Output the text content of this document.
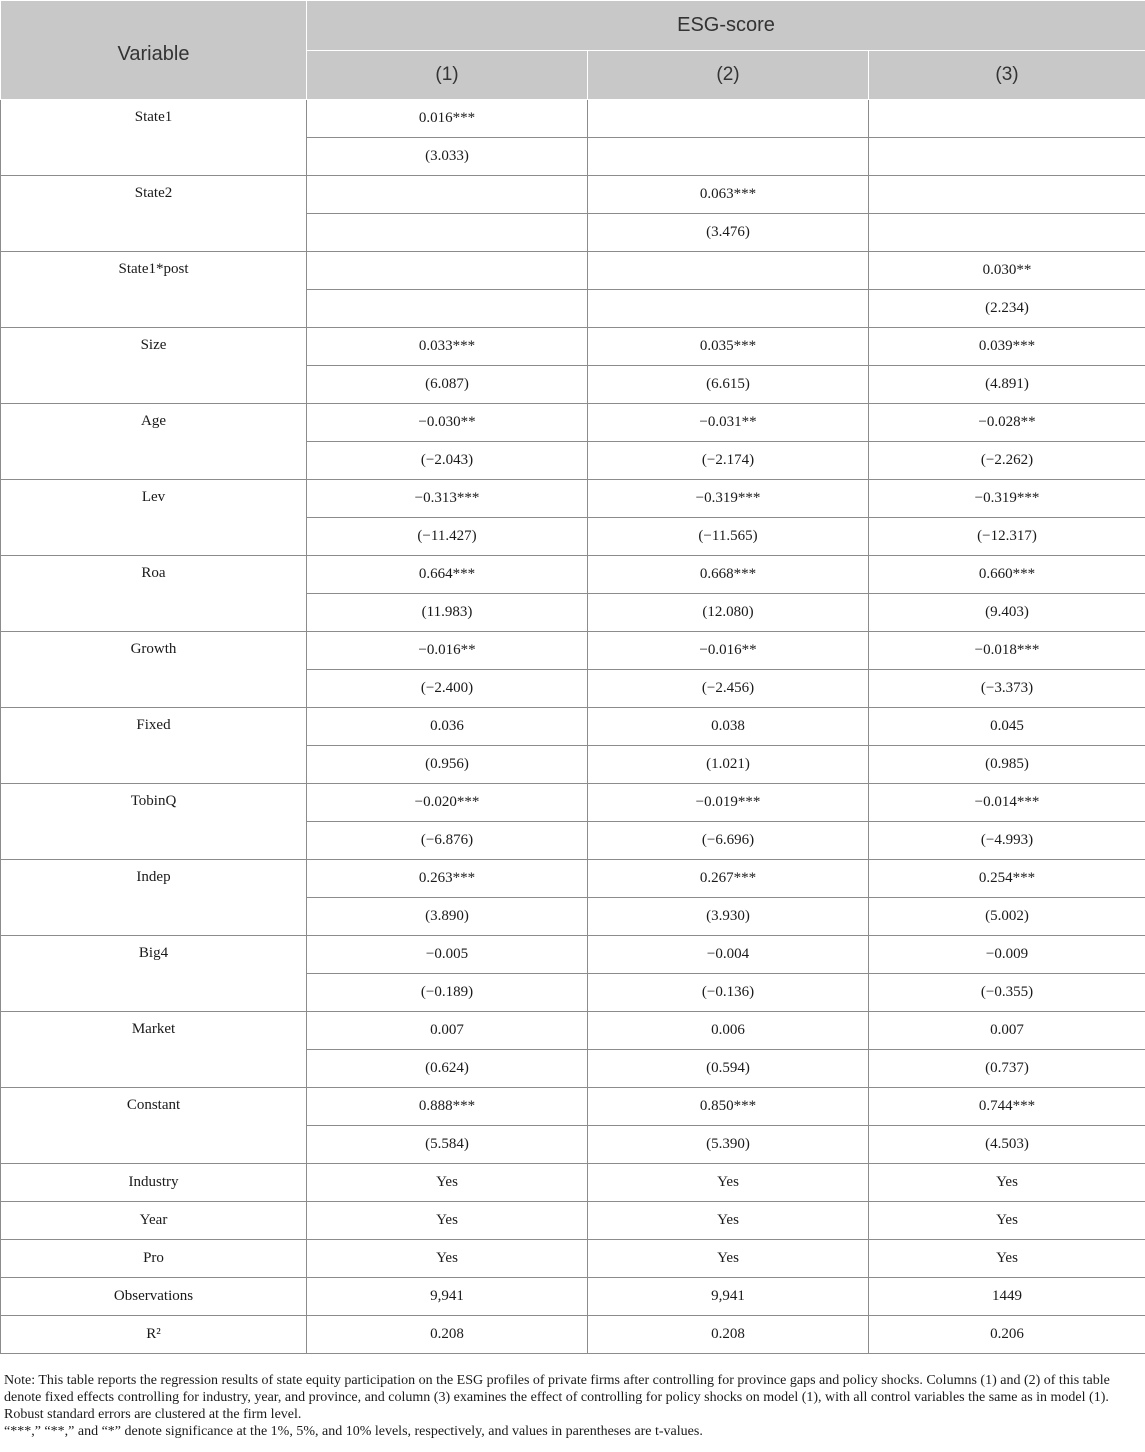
Variable	ESG-score		
	(1)	(2)	(3)
State1	0.016***		
	(3.033)		
State2		0.063***	
		(3.476)	
State1*post			0.030**
			(2.234)
Size	0.033***	0.035***	0.039***
	(6.087)	(6.615)	(4.891)
Age	−0.030**	−0.031**	−0.028**
	(−2.043)	(−2.174)	(−2.262)
Lev	−0.313***	−0.319***	−0.319***
	(−11.427)	(−11.565)	(−12.317)
Roa	0.664***	0.668***	0.660***
	(11.983)	(12.080)	(9.403)
Growth	−0.016**	−0.016**	−0.018***
	(−2.400)	(−2.456)	(−3.373)
Fixed	0.036	0.038	0.045
	(0.956)	(1.021)	(0.985)
TobinQ	−0.020***	−0.019***	−0.014***
	(−6.876)	(−6.696)	(−4.993)
Indep	0.263***	0.267***	0.254***
	(3.890)	(3.930)	(5.002)
Big4	−0.005	−0.004	−0.009
	(−0.189)	(−0.136)	(−0.355)
Market	0.007	0.006	0.007
	(0.624)	(0.594)	(0.737)
Constant	0.888***	0.850***	0.744***
	(5.584)	(5.390)	(4.503)
Industry	Yes	Yes	Yes
Year	Yes	Yes	Yes
Pro	Yes	Yes	Yes
Observations	9,941	9,941	1449
R²	0.208	0.208	0.206

Note: This table reports the regression results of state equity participation on the ESG profiles of private firms after controlling for province gaps and policy shocks. Columns (1) and (2) of this table denote fixed effects controlling for industry, year, and province, and column (3) examines the effect of controlling for policy shocks on model (1), with all control variables the same as in model (1). Robust standard errors are clustered at the firm level.

“***,” “**,” and “*” denote significance at the 1%, 5%, and 10% levels, respectively, and values in parentheses are t-values.
